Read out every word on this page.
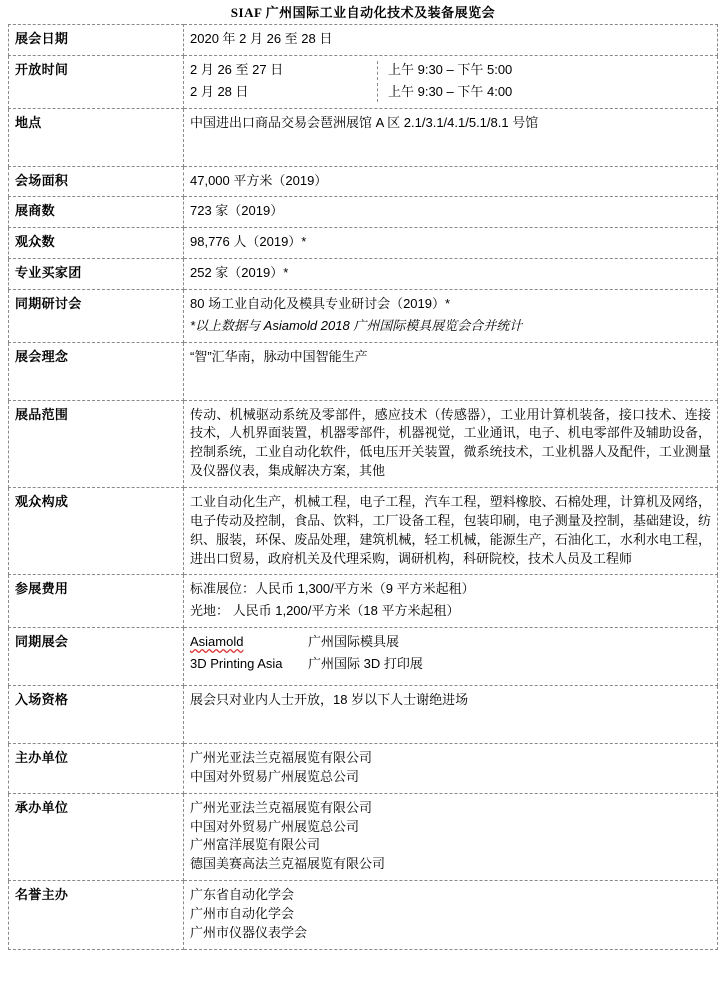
SIAF 广州国际工业自动化技术及装备展览会
展会日期	2020 年 2 月 26 至 28 日

开放时间	2 月 26 至 27 日 上午 9:30 – 下午 5:00
2 月 28 日 上午 9:30 – 下午 4:00

地点	中国进出口商品交易会琶洲展馆 A 区 2.1/3.1/4.1/5.1/8.1 号馆

会场面积	47,000 平方米（2019）

展商数	723 家（2019）

观众数	98,776 人（2019）*

专业买家团	252 家（2019）*

同期研讨会	80 场工业自动化及模具专业研讨会（2019）*
*以上数据与 Asiamold 2018 广州国际模具展览会合并统计

展会理念	“智”汇华南，脉动中国智能生产

展品范围	传动、机械驱动系统及零部件，感应技术（传感器），工业用计算机装备，接口技术、连接技术，人机界面装置，机器零部件，机器视觉，工业通讯，电子、机电零部件及辅助设备，控制系统，工业自动化软件，低电压开关装置，微系统技术，工业机器人及配件，工业测量及仪器仪表，集成解决方案，其他
观众构成	工业自动化生产，机械工程，电子工程，汽车工程，塑料橡胶、石棉处理，计算机及网络，电子传动及控制，食品、饮料，工厂设备工程，包装印刷，电子测量及控制，基础建设，纺织、服装，环保、废品处理，建筑机械，轻工机械，能源生产，石油化工，水利水电工程，进出口贸易，政府机关及代理采购，调研机构，科研院校，技术人员及工程师
参展费用	标准展位：人民币 1,300/平方米（9 平方米起租）
光地： 人民币 1,200/平方米（18 平方米起租）

同期展会	Asiamold 广州国际模具展
3D Printing Asia 广州国际 3D 打印展

入场资格	展会只对业内人士开放，18 岁以下人士谢绝进场

主办单位	广州光亚法兰克福展览有限公司
中国对外贸易广州展览总公司

承办单位	广州光亚法兰克福展览有限公司
中国对外贸易广州展览总公司
广州富洋展览有限公司
德国美赛高法兰克福展览有限公司

名誉主办	广东省自动化学会
广州市自动化学会
广州市仪器仪表学会
